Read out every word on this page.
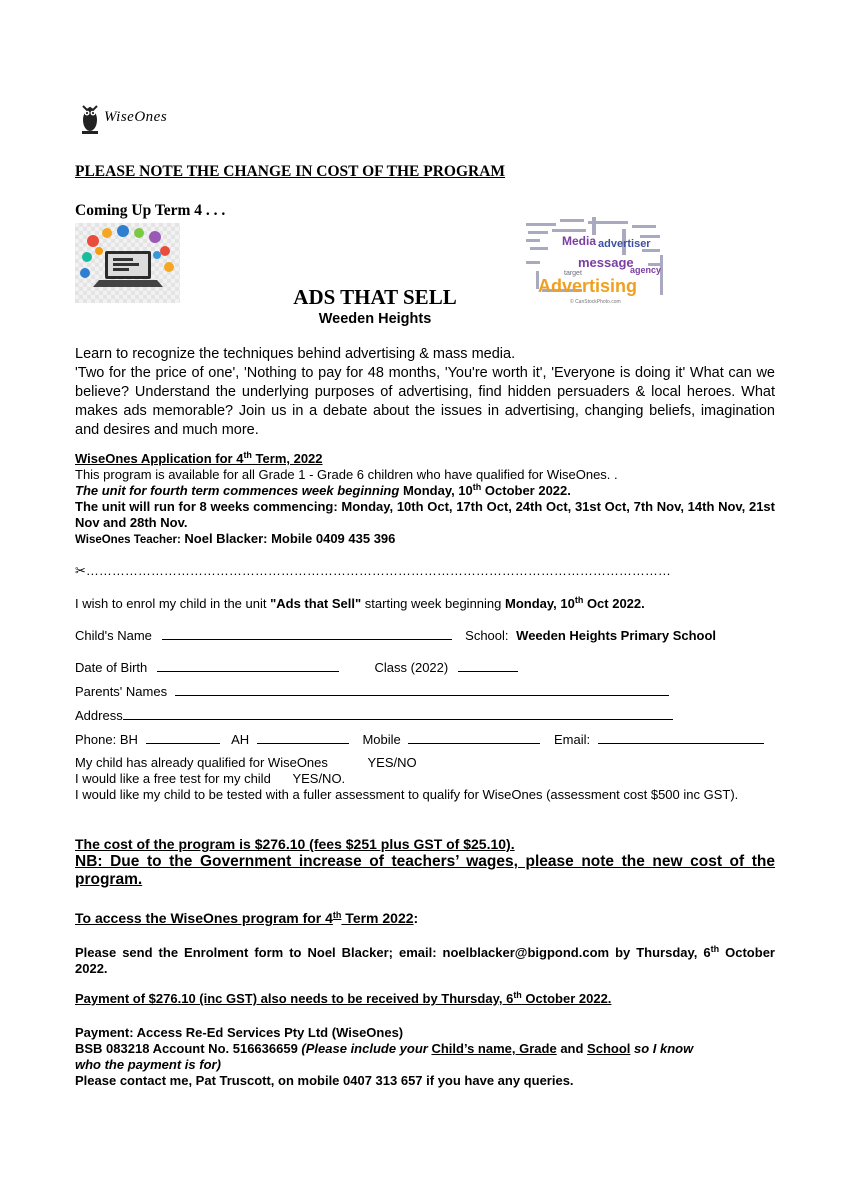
WiseOnes
PLEASE NOTE THE CHANGE IN COST OF THE PROGRAM
Coming Up Term 4 . . .
Media advertiser
message
agency
target
Advertising
© CanStockPhoto.com
ADS THAT SELL
Weeden Heights
Learn to recognize the techniques behind advertising & mass media.
'Two for the price of one', 'Nothing to pay for 48 months, 'You're worth it', 'Everyone is doing it' What can we believe? Understand the underlying purposes of advertising, find hidden persuaders & local heroes. What makes ads memorable? Join us in a debate about the issues in advertising, changing beliefs, imagination and desires and much more.
WiseOnes Application for 4th Term, 2022
This program is available for all Grade 1 - Grade 6 children who have qualified for WiseOnes. .
The unit for fourth term commences week beginning Monday, 10th October 2022.
The unit will run for 8 weeks commencing: Monday, 10th Oct, 17th Oct, 24th Oct, 31st Oct, 7th Nov, 14th Nov, 21st Nov and 28th Nov.
WiseOnes Teacher: Noel Blacker: Mobile 0409 435 396
✂………………………………………………………………………………………………………………………
I wish to enrol my child in the unit "Ads that Sell" starting week beginning Monday, 10th Oct 2022.
Child's Name	School: Weeden Heights Primary School
Date of Birth	Class (2022)
Parents' Names
Address
Phone: BH	AH	Mobile	Email:
My child has already qualified for WiseOnes	YES/NO
I would like a free test for my child YES/NO.
I would like my child to be tested with a fuller assessment to qualify for WiseOnes (assessment cost $500 inc GST).
The cost of the program is $276.10 (fees $251 plus GST of $25.10).
NB: Due to the Government increase of teachers’ wages, please note the new cost of the program.
To access the WiseOnes program for 4th Term 2022:
Please send the Enrolment form to Noel Blacker; email: noelblacker@bigpond.com by Thursday, 6th October 2022.
Payment of $276.10 (inc GST) also needs to be received by Thursday, 6th October 2022.
Payment: Access Re-Ed Services Pty Ltd (WiseOnes)
BSB 083218 Account No. 516636659 (Please include your Child’s name, Grade and School so I know who the payment is for)
Please contact me, Pat Truscott, on mobile 0407 313 657 if you have any queries.
